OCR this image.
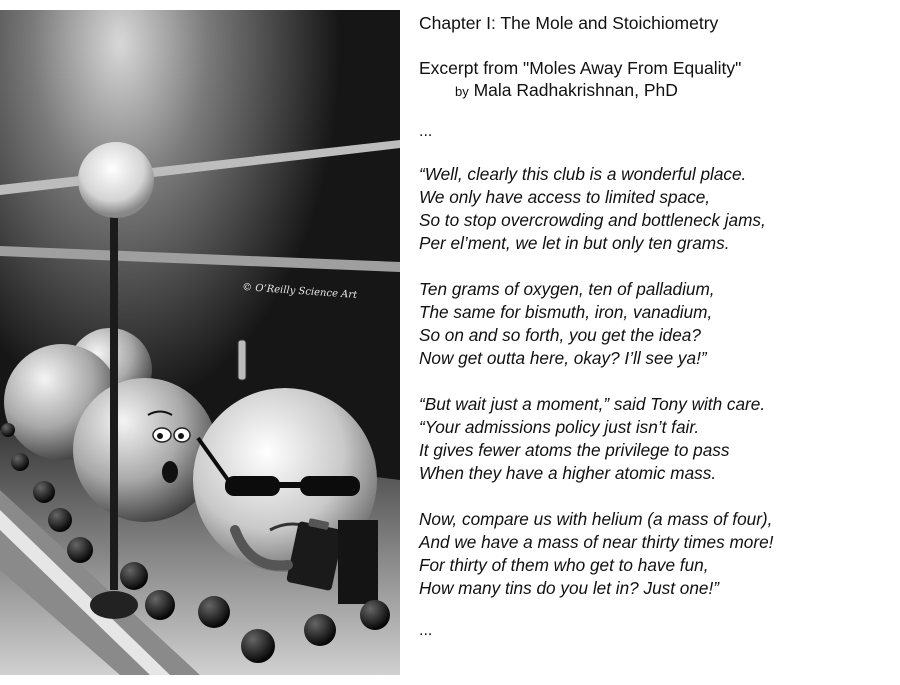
© O’Reilly Science Art

Chapter I: The Mole and Stoichiometry

Excerpt from "Moles Away From Equality"

by Mala Radhakrishnan, PhD

...

“Well, clearly this club is a wonderful place.
We only have access to limited space,
So to stop overcrowding and bottleneck jams,
Per el’ment, we let in but only ten grams.

Ten grams of oxygen, ten of palladium,
The same for bismuth, iron, vanadium,
So on and so forth, you get the idea?
Now get outta here, okay? I’ll see ya!”

“But wait just a moment,” said Tony with care.
“Your admissions policy just isn’t fair.
It gives fewer atoms the privilege to pass
When they have a higher atomic mass.

Now, compare us with helium (a mass of four),
And we have a mass of near thirty times more!
For thirty of them who get to have fun,
How many tins do you let in? Just one!”

...
